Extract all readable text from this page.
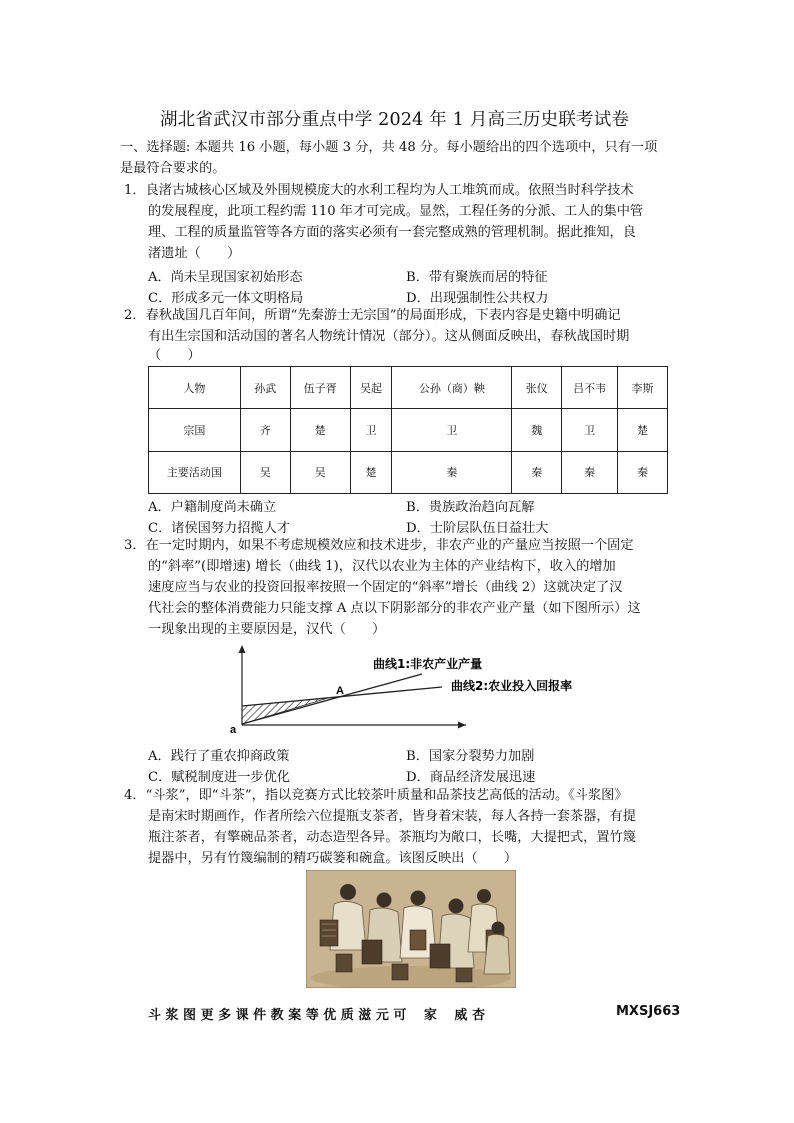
湖北省武汉市部分重点中学 2024 年 1 月高三历史联考试卷
一、选择题: 本题共 16 小题，每小题 3 分，共 48 分。每小题给出的四个选项中，只有一项
是最符合要求的。
1．良渚古城核心区域及外围规模庞大的水利工程均为人工堆筑而成。依照当时科学技术
的发展程度，此项工程约需 110 年才可完成。显然，工程任务的分派、工人的集中管
理、工程的质量监管等各方面的落实必须有一套完整成熟的管理机制。据此推知，良
渚遗址（　　）
A．尚未呈现国家初始形态	B．带有聚族而居的特征
C．形成多元一体文明格局	D．出现强制性公共权力
2．春秋战国几百年间，所谓“先秦游士无宗国”的局面形成，下表内容是史籍中明确记
有出生宗国和活动国的著名人物统计情况（部分）。这从侧面反映出，春秋战国时期
（　　）
人物	孙武	伍子胥	吴起	公孙（商）鞅	张仪	吕不韦	李斯
宗国	齐	楚	卫	卫	魏	卫	楚
主要活动国	吴	吴	楚	秦	秦	秦	秦
A．户籍制度尚未确立	B．贵族政治趋向瓦解
C．诸侯国努力招揽人才	D．士阶层队伍日益壮大
3．在一定时期内，如果不考虑规模效应和技术进步，非农产业的产量应当按照一个固定
的“斜率”(即增速) 增长（曲线 1)，汉代以农业为主体的产业结构下，收入的增加
速度应当与农业的投资回报率按照一个固定的“斜率”增长（曲线 2）这就决定了汉
代社会的整体消费能力只能支撑 A 点以下阴影部分的非农产业产量（如下图所示）这
一现象出现的主要原因是，汉代（　　）
A
a
曲线1:非农产业产量
曲线2:农业投入回报率
A．践行了重农抑商政策	B．国家分裂势力加剧
C．赋税制度进一步优化	D．商品经济发展迅速
4．“斗浆”，即“斗茶”，指以竞赛方式比较茶叶质量和品茶技艺高低的活动。《斗浆图》
是南宋时期画作，作者所绘六位提瓶支茶者，皆身着宋装，每人各持一套茶器，有提
瓶注茶者，有擎碗品茶者，动态造型各异。茶瓶均为敞口，长嘴，大提把式，置竹篾
提器中，另有竹篾编制的精巧碳篓和碗盒。该图反映出（　　）
斗 浆 图 更 多 课 件 教 案 等 优 质 滋 元 可　 家　 威 杏	MXSJ663
